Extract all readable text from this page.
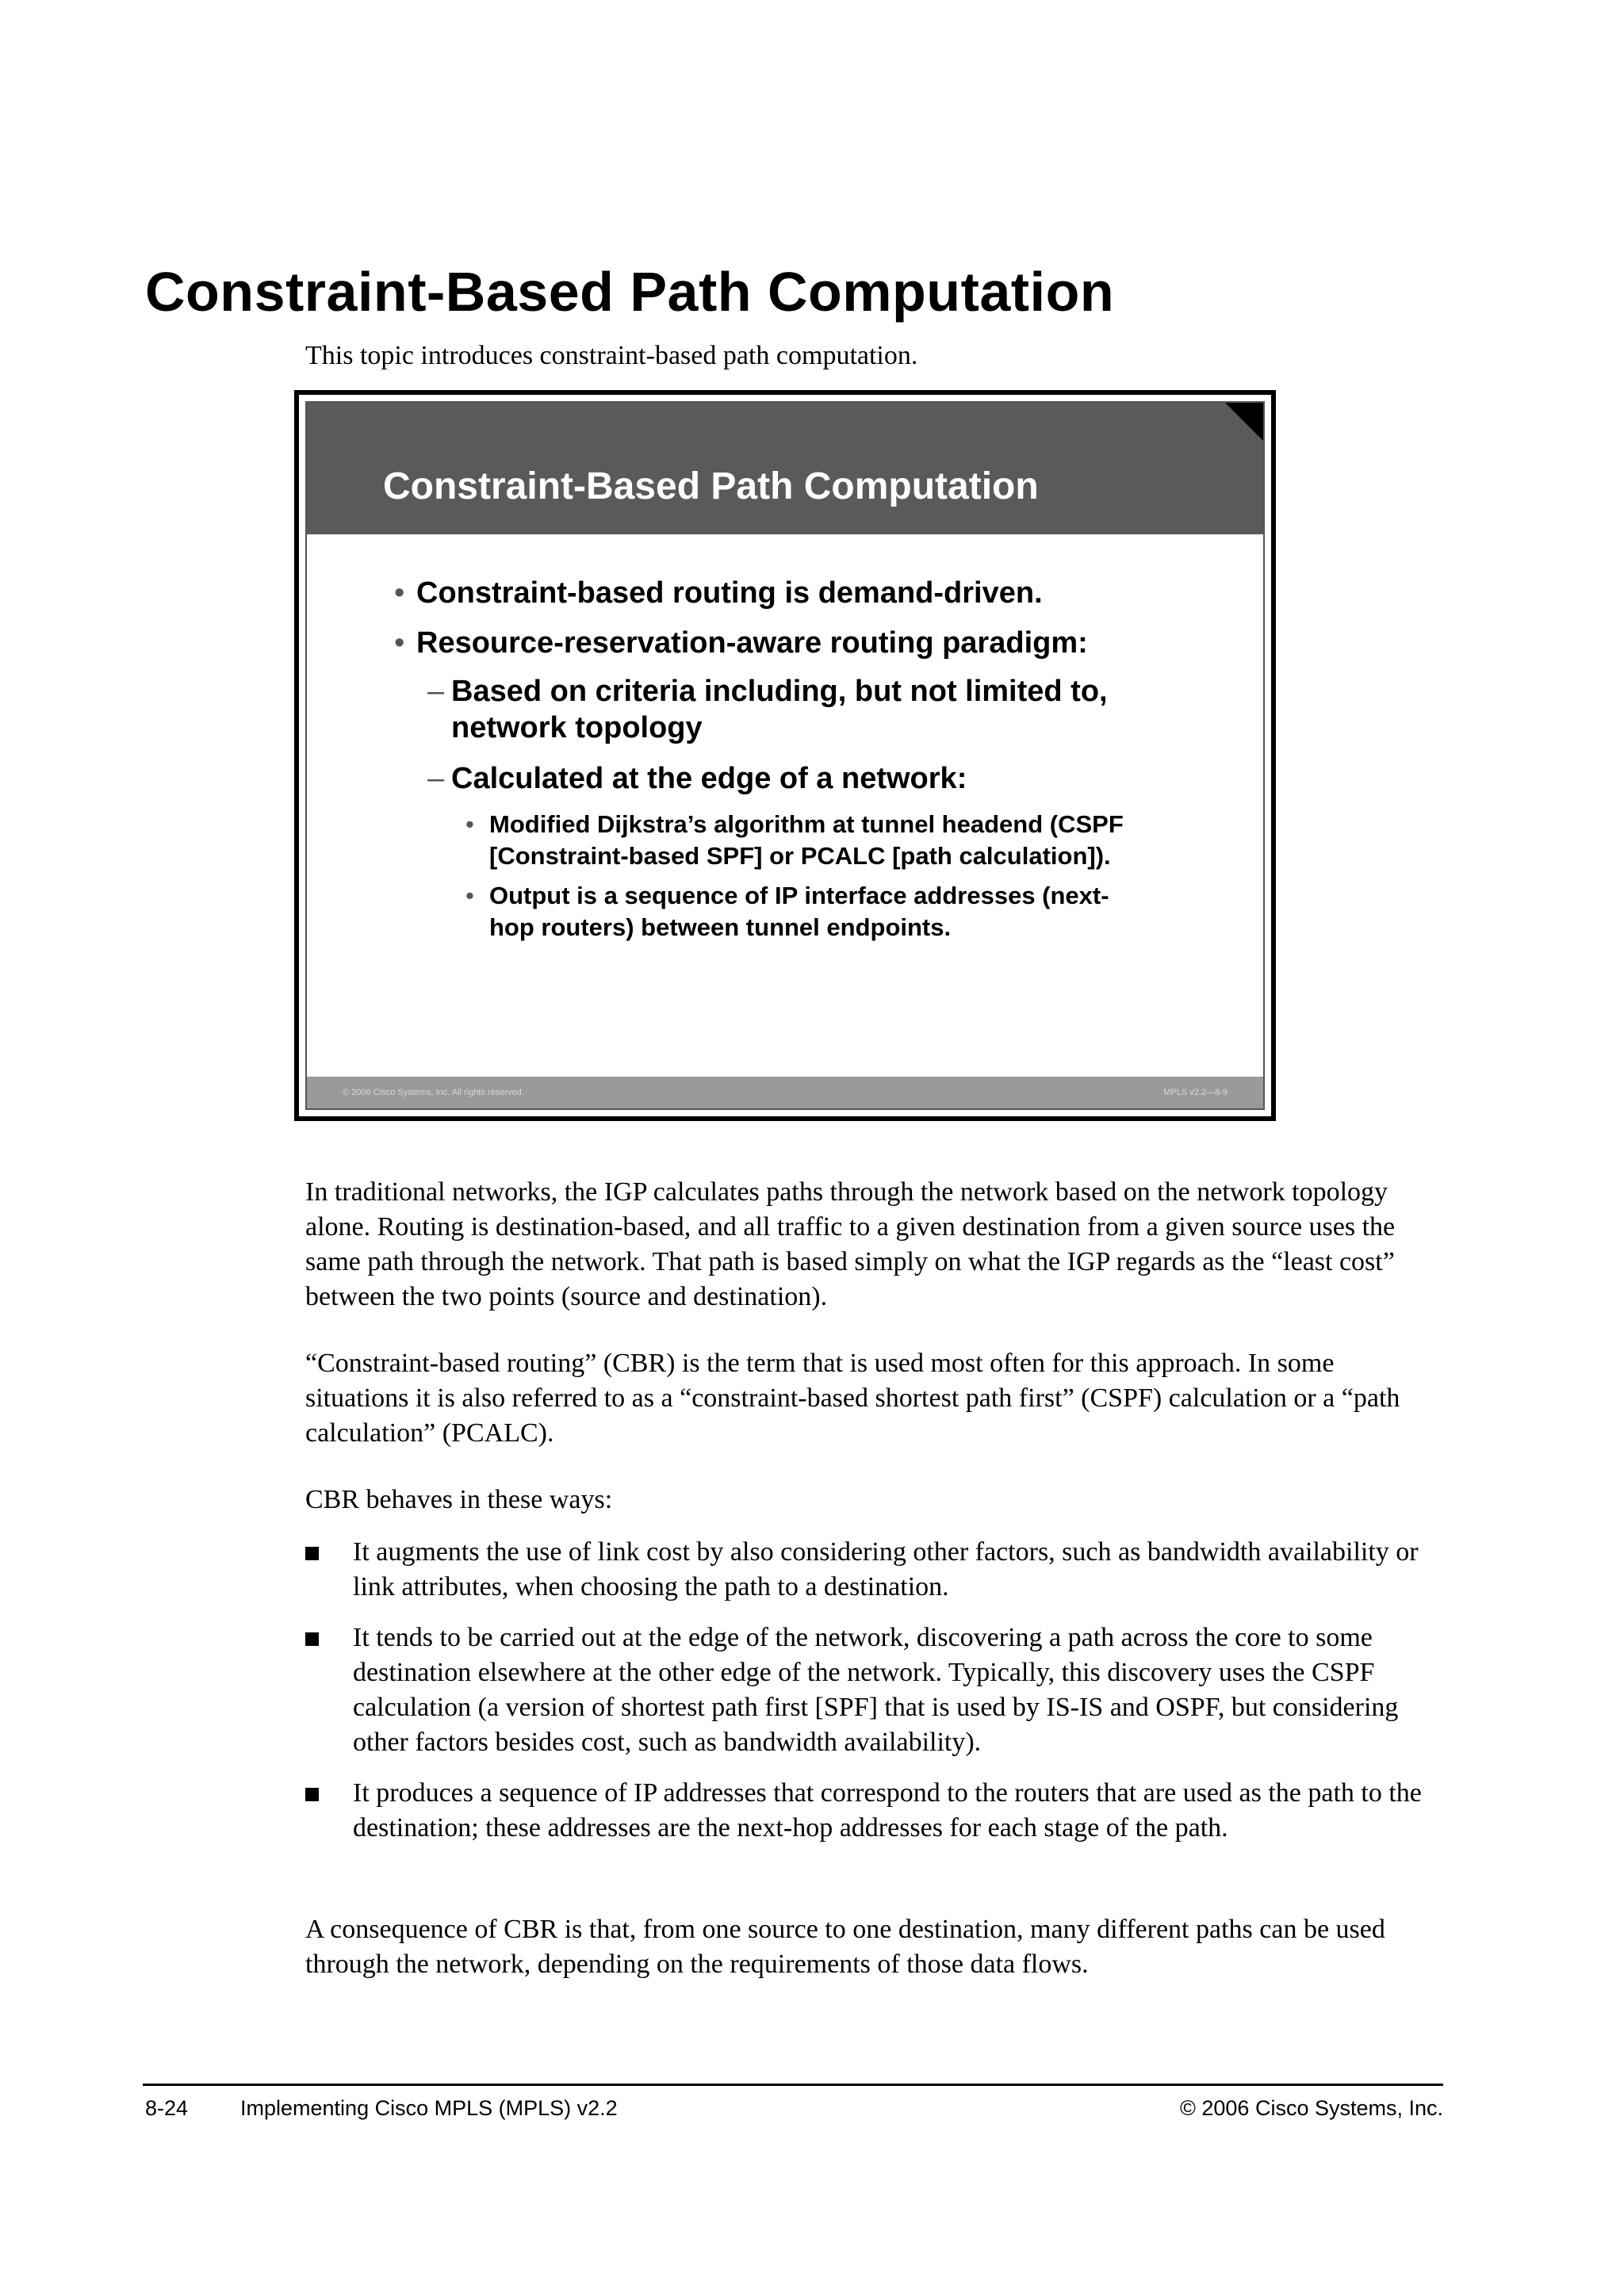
Constraint-Based Path Computation
This topic introduces constraint-based path computation.
Constraint-Based Path Computation
• Constraint-based routing is demand-driven.
• Resource-reservation-aware routing paradigm:
– Based on criteria including, but not limited to,
network topology
– Calculated at the edge of a network:
• Modified Dijkstra’s algorithm at tunnel headend (CSPF
[Constraint-based SPF] or PCALC [path calculation]).
• Output is a sequence of IP interface addresses (next-
hop routers) between tunnel endpoints.
© 2006 Cisco Systems, Inc. All rights reserved.	MPLS v2.2—8-9

In traditional networks, the IGP calculates paths through the network based on the network topology alone. Routing is destination-based, and all traffic to a given destination from a given source uses the same path through the network. That path is based simply on what the IGP regards as the “least cost” between the two points (source and destination).

“Constraint-based routing” (CBR) is the term that is used most often for this approach. In some situations it is also referred to as a “constraint-based shortest path first” (CSPF) calculation or a “path calculation” (PCALC).

CBR behaves in these ways:

It augments the use of link cost by also considering other factors, such as bandwidth availability or link attributes, when choosing the path to a destination.
It tends to be carried out at the edge of the network, discovering a path across the core to some destination elsewhere at the other edge of the network. Typically, this discovery uses the CSPF calculation (a version of shortest path first [SPF] that is used by IS-IS and OSPF, but considering other factors besides cost, such as bandwidth availability).
It produces a sequence of IP addresses that correspond to the routers that are used as the path to the destination; these addresses are the next-hop addresses for each stage of the path.

A consequence of CBR is that, from one source to one destination, many different paths can be used through the network, depending on the requirements of those data flows.

8-24 Implementing Cisco MPLS (MPLS) v2.2	© 2006 Cisco Systems, Inc.
